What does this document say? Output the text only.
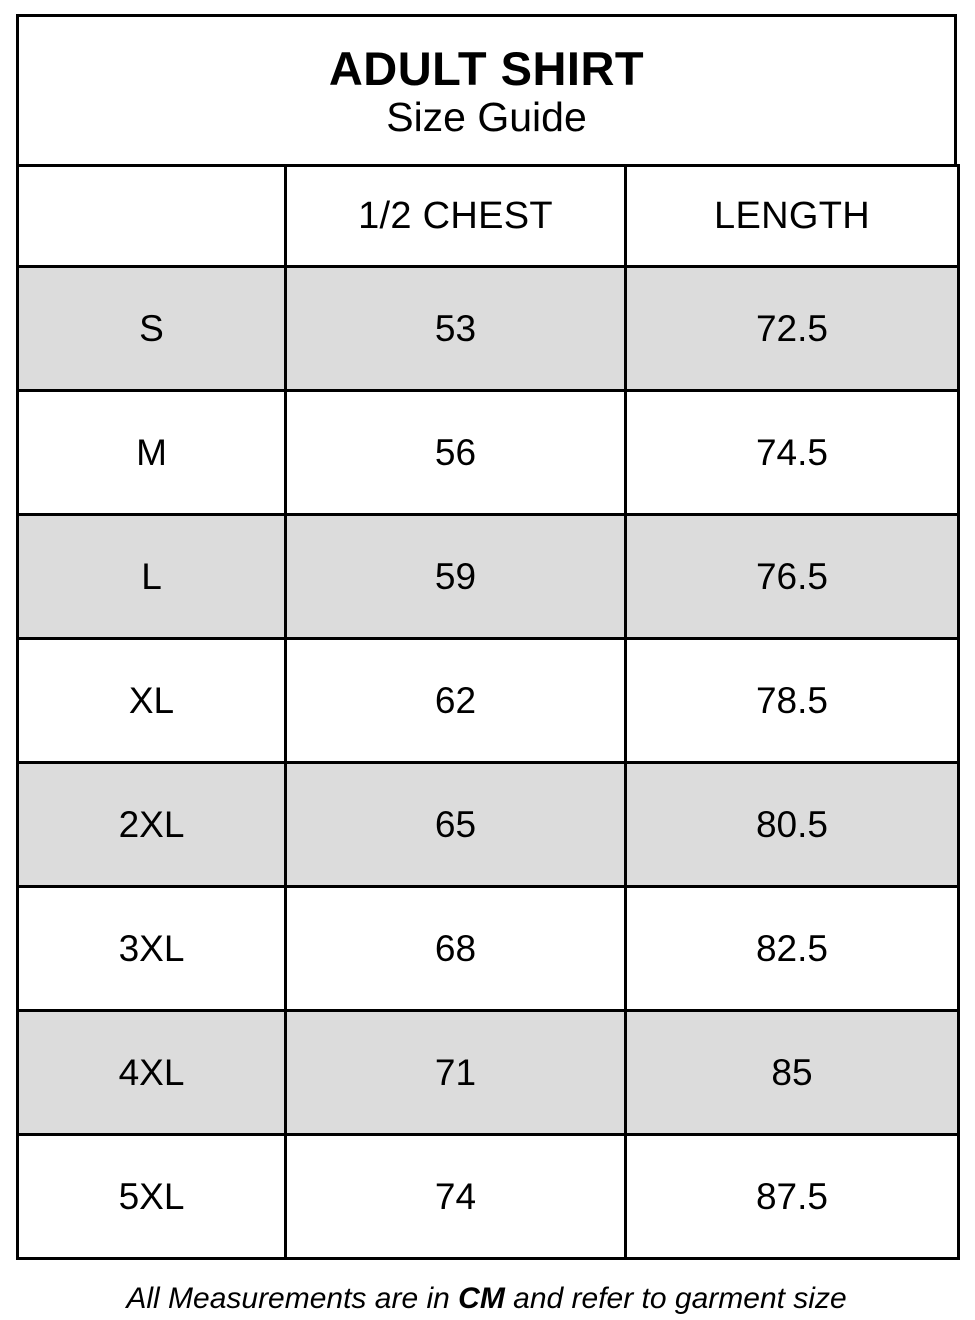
ADULT SHIRT
Size Guide
	1/2 CHEST	LENGTH
S	53	72.5
M	56	74.5
L	59	76.5
XL	62	78.5
2XL	65	80.5
3XL	68	82.5
4XL	71	85
5XL	74	87.5
All Measurements are in CM and refer to garment size
